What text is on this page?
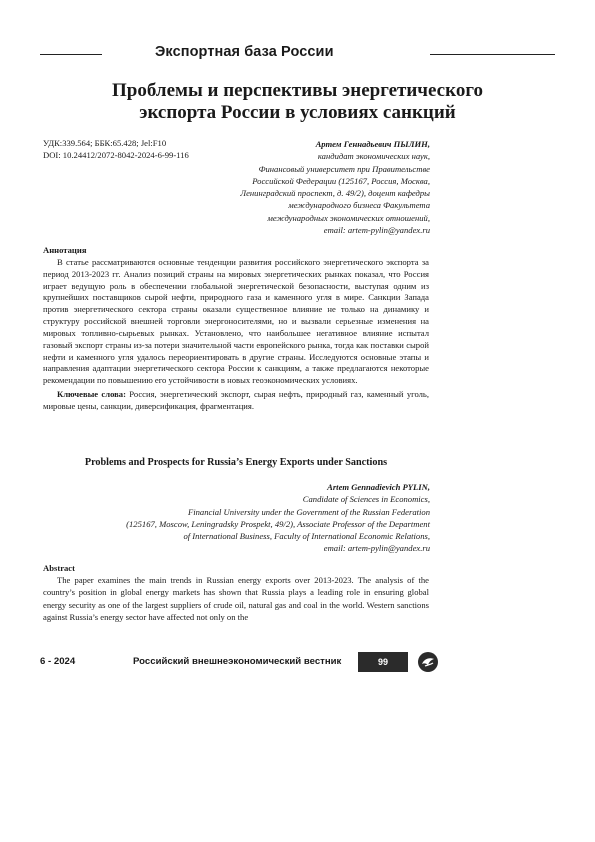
Экспортная база России
Проблемы и перспективы энергетического
экспорта России в условиях санкций
УДК:339.564; ББК:65.428; Jel:F10
DOI: 10.24412/2072-8042-2024-6-99-116
Артем Геннадьевич ПЫЛИН,
кандидат экономических наук,
Финансовый университет при Правительстве
Российской Федерации (125167, Россия, Москва,
Ленинградский проспект, д. 49/2), доцент кафедры
международного бизнеса Факультета
международных экономических отношений,
email: artem-pylin@yandex.ru
Аннотация

В статье рассматриваются основные тенденции развития российского энергетического экспорта за период 2013-2023 гг. Анализ позиций страны на мировых энергетических рынках показал, что Россия играет ведущую роль в обеспечении глобальной энергетической безопасности, выступая одним из крупнейших поставщиков сырой нефти, природного газа и каменного угля в мире. Санкции Запада против энергетического сектора страны оказали существенное влияние не только на динамику и структуру российской внешней торговли энергоносителями, но и вызвали серьезные изменения на мировых топливно-сырьевых рынках. Установлено, что наибольшее негативное влияние испытал газовый экспорт страны из-за потери значительной части европейского рынка, тогда как поставки сырой нефти и каменного угля удалось переориентировать в другие страны. Исследуются основные этапы и направления адаптации энергетического сектора России к санкциям, а также предлагаются некоторые рекомендации по повышению его устойчивости в новых геоэкономических условиях.

Ключевые слова: Россия, энергетический экспорт, сырая нефть, природный газ, каменный уголь, мировые цены, санкции, диверсификация, фрагментация.

Problems and Prospects for Russia’s Energy Exports under Sanctions
Artem Gennadievich PYLIN,
Candidate of Sciences in Economics,
Financial University under the Government of the Russian Federation
(125167, Moscow, Leningradsky Prospekt, 49/2), Associate Professor of the Department
of International Business, Faculty of International Economic Relations,
email: artem-pylin@yandex.ru
Abstract

The paper examines the main trends in Russian energy exports over 2013-2023. The analysis of the country’s position in global energy markets has shown that Russia plays a leading role in ensuring global energy security as one of the largest suppliers of crude oil, natural gas and coal in the world. Western sanctions against Russia’s energy sector have affected not only on the

6 - 2024	Российский внешнеэкономический вестник	99
